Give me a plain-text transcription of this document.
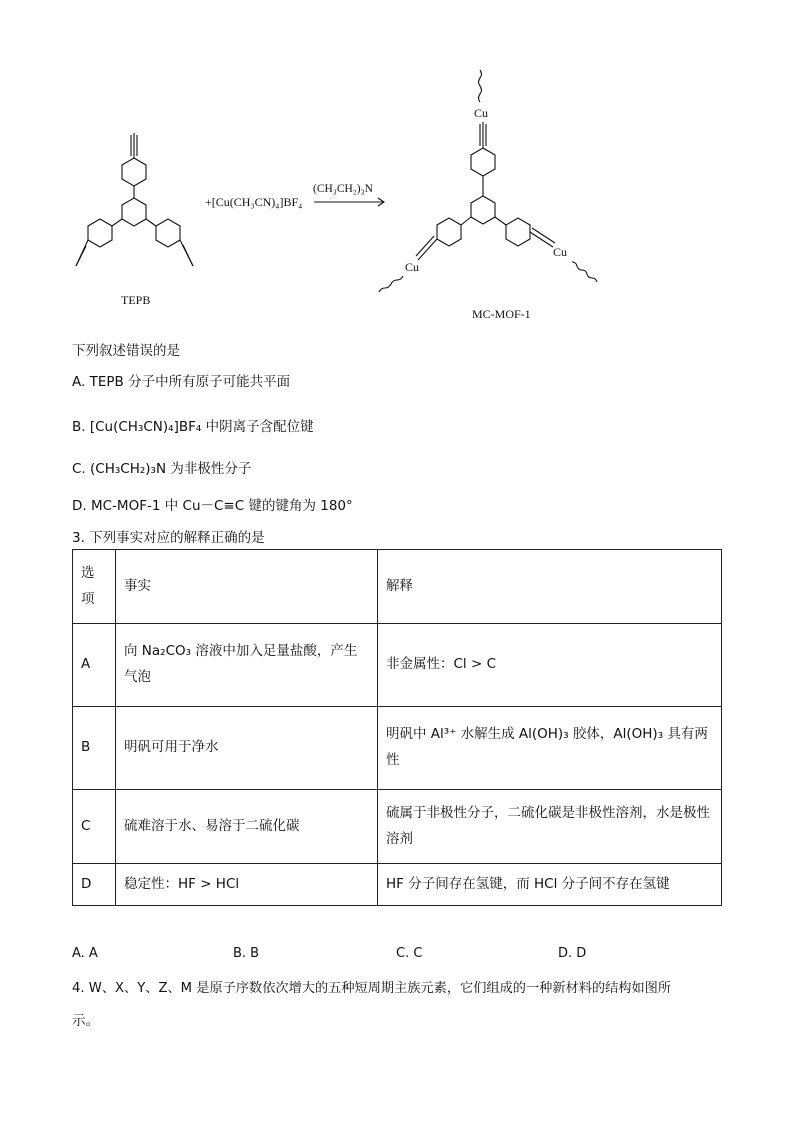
TEPB
+[Cu(CH₃CN)₄]BF₄
(CH₃CH₂)₃N
Cu
Cu
Cu
MC-MOF-1
下列叙述错误的是
A. TEPB 分子中所有原子可能共平面
B. [Cu(CH₃CN)₄]BF₄ 中阴离子含配位键
C. (CH₃CH₂)₃N 为非极性分子
D. MC-MOF-1 中 Cu－C≡C 键的键角为 180°
3. 下列事实对应的解释正确的是
选项	事实	解释
A	向 Na₂CO₃ 溶液中加入足量盐酸，产生气泡	非金属性：Cl > C
B	明矾可用于净水	明矾中 Al³⁺ 水解生成 Al(OH)₃ 胶体，Al(OH)₃ 具有两性
C	硫难溶于水、易溶于二硫化碳	硫属于非极性分子，二硫化碳是非极性溶剂，水是极性溶剂
D	稳定性：HF > HCl	HF 分子间存在氢键，而 HCl 分子间不存在氢键
A. A	B. B	C. C	D. D
4. W、X、Y、Z、M 是原子序数依次增大的五种短周期主族元素，它们组成的一种新材料的结构如图所
示。
